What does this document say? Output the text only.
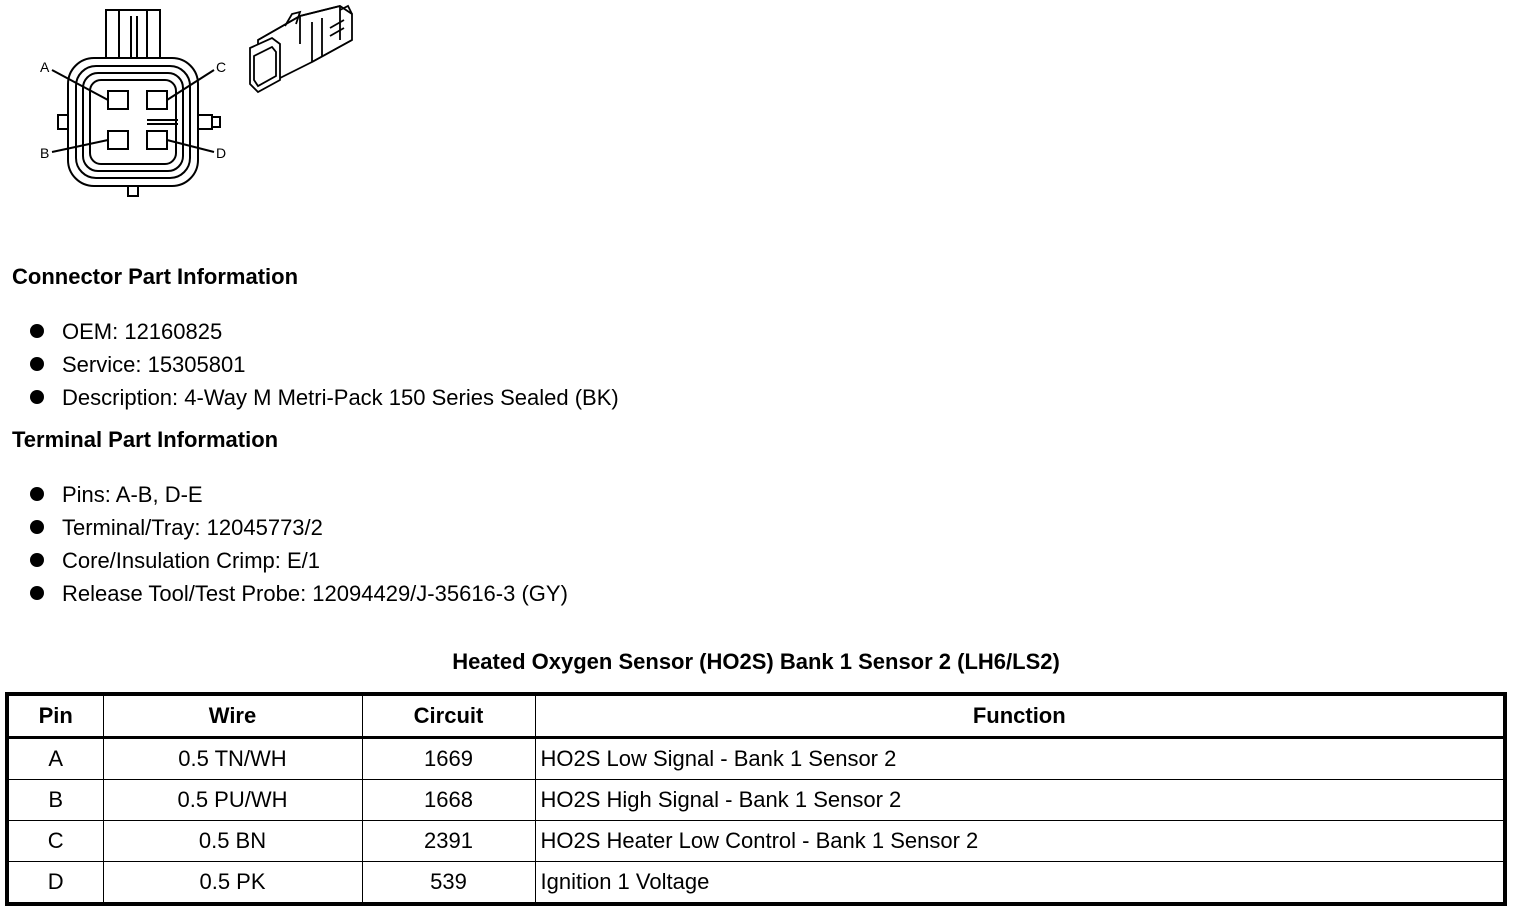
A
B
C
D
Connector Part Information
OEM: 12160825
Service: 15305801
Description: 4-Way M Metri-Pack 150 Series Sealed (BK)
Terminal Part Information
Pins: A-B, D-E
Terminal/Tray: 12045773/2
Core/Insulation Crimp: E/1
Release Tool/Test Probe: 12094429/J-35616-3 (GY)
Heated Oxygen Sensor (HO2S) Bank 1 Sensor 2 (LH6/LS2)
Pin	Wire	Circuit	Function
A	0.5 TN/WH	1669	HO2S Low Signal - Bank 1 Sensor 2
B	0.5 PU/WH	1668	HO2S High Signal - Bank 1 Sensor 2
C	0.5 BN	2391	HO2S Heater Low Control - Bank 1 Sensor 2
D	0.5 PK	539	Ignition 1 Voltage
